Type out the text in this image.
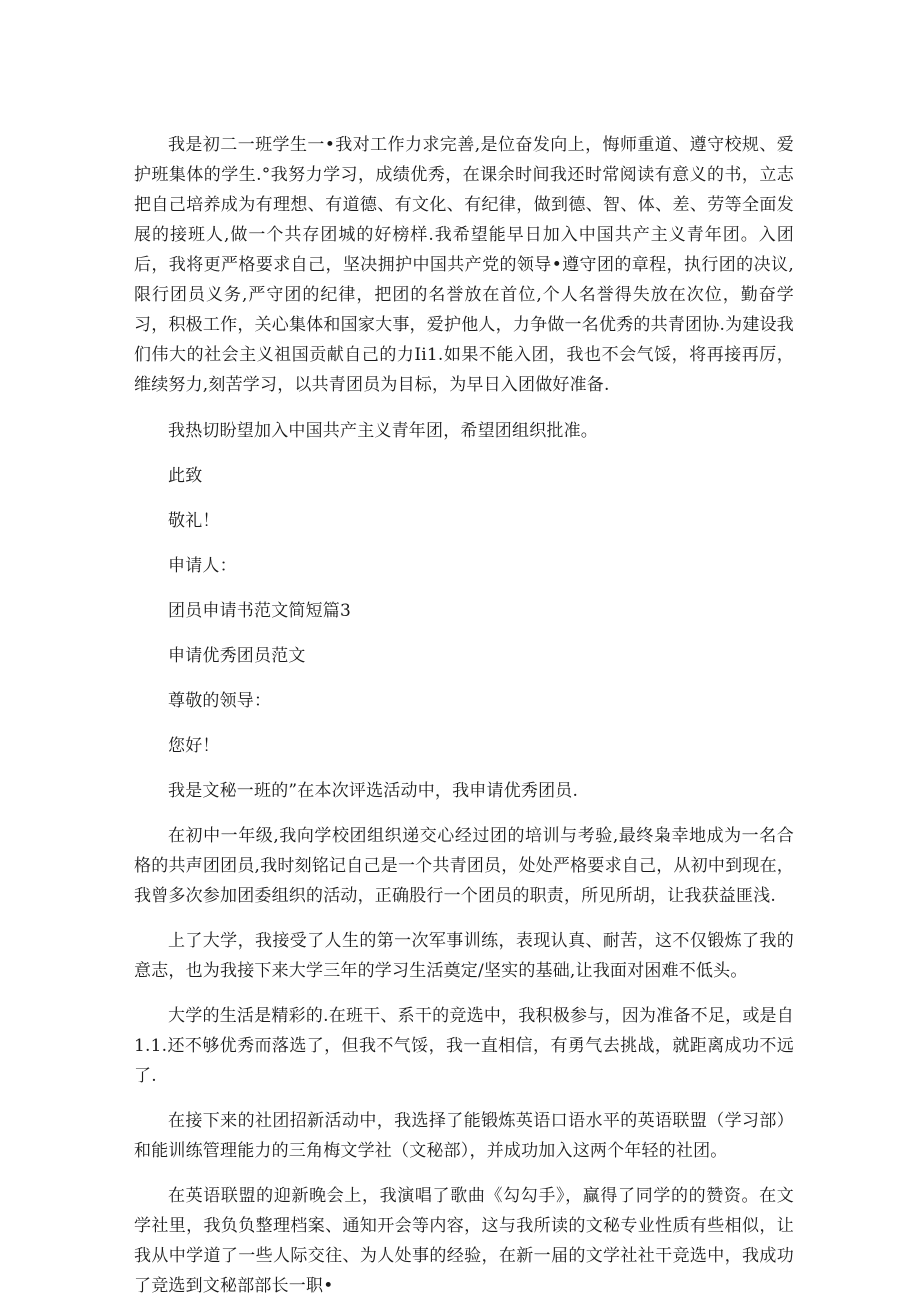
我是初二一班学生一•我对工作力求完善,是位奋发向上，悔师重道、遵守校规、爱护班集体的学生.°我努力学习，成绩优秀，在课余时间我还时常阅读有意义的书，立志把自己培养成为有理想、有道德、有文化、有纪律，做到德、智、体、差、劳等全面发展的接班人,做一个共存团城的好榜样.我希望能早日加入中国共产主义青年团。入团后，我将更严格要求自己，坚决拥护中国共产党的领导•遵守团的章程，执行团的决议,限行团员义务,严守团的纪律，把团的名誉放在首位,个人名誉得失放在次位，勤奋学习，积极工作，关心集体和国家大事，爱护他人，力争做一名优秀的共青团协.为建设我们伟大的社会主义祖国贡献自己的力Ii1.如果不能入团，我也不会气馁，将再接再厉，维续努力,刻苦学习，以共青团员为目标，为早日入团做好准备.

我热切盼望加入中国共产主义青年团，希望团组织批准。

此致

敬礼！

申请人：

团员申请书范文简短篇3

申请优秀团员范文

尊敬的领导：

您好！

我是文秘一班的”在本次评选活动中，我申请优秀团员.

在初中一年级,我向学校团组织递交心经过团的培训与考验,最终枭幸地成为一名合格的共声团团员,我时刻铭记自己是一个共青团员，处处严格要求自己，从初中到现在，我曾多次参加团委组织的活动，正确股行一个团员的职责，所见所胡，让我获益匪浅.

上了大学，我接受了人生的第一次军事训练，表现认真、耐苦，这不仅锻炼了我的意志，也为我接下来大学三年的学习生活奠定/坚实的基础,让我面对困难不低头。

大学的生活是精彩的.在班干、系干的竞选中，我积极参与，因为准备不足，或是自1.1.还不够优秀而落选了，但我不气馁，我一直相信，有勇气去挑战，就距离成功不远了.

在接下来的社团招新活动中，我选择了能锻炼英语口语水平的英语联盟（学习部）和能训练管理能力的三角梅文学社（文秘部），并成功加入这两个年轻的社团。

在英语联盟的迎新晚会上，我演唱了歌曲《勾勾手》，赢得了同学的的赞资。在文学社里，我负负整理档案、通知开会等内容，这与我所读的文秘专业性质有些相似，让我从中学道了一些人际交往、为人处事的经验，在新一届的文学社社干竞选中，我成功了竞选到文秘部部长一职•
